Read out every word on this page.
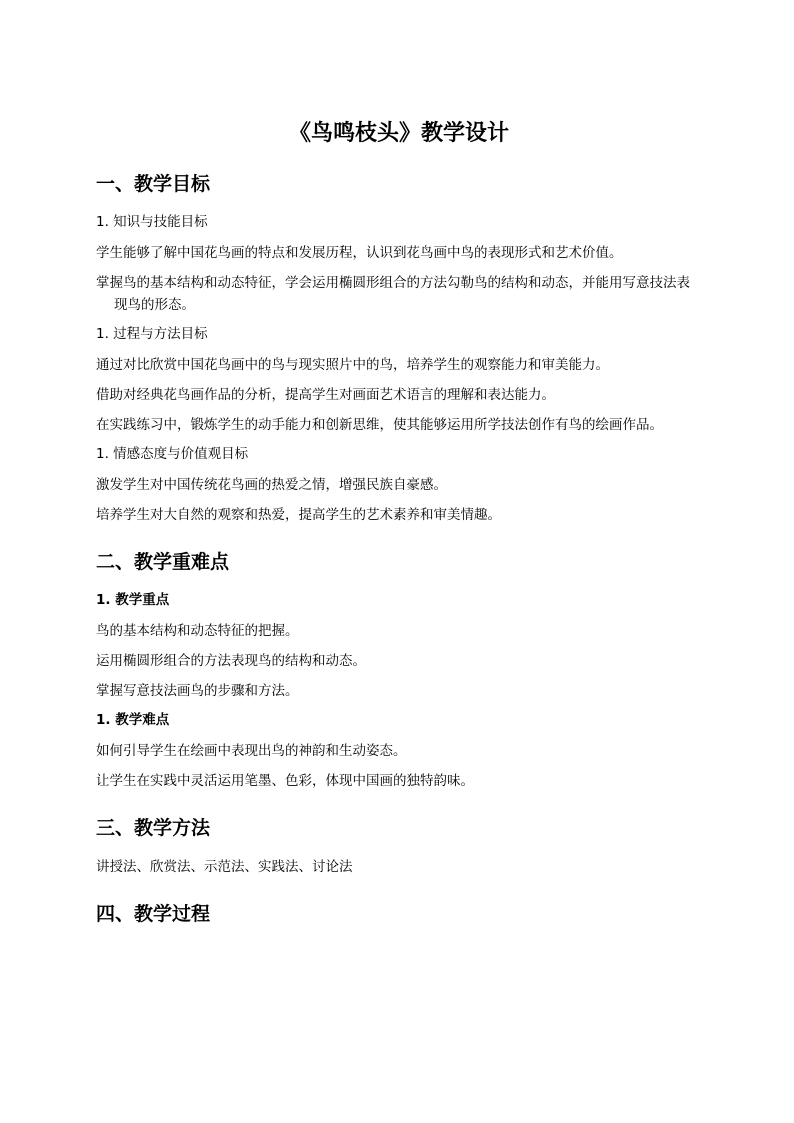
《鸟鸣枝头》教学设计
一、教学目标
1. 知识与技能目标
学生能够了解中国花鸟画的特点和发展历程，认识到花鸟画中鸟的表现形式和艺术价值。
掌握鸟的基本结构和动态特征，学会运用椭圆形组合的方法勾勒鸟的结构和动态，并能用写意技法表现鸟的形态。
1. 过程与方法目标
通过对比欣赏中国花鸟画中的鸟与现实照片中的鸟，培养学生的观察能力和审美能力。
借助对经典花鸟画作品的分析，提高学生对画面艺术语言的理解和表达能力。
在实践练习中，锻炼学生的动手能力和创新思维，使其能够运用所学技法创作有鸟的绘画作品。
1. 情感态度与价值观目标
激发学生对中国传统花鸟画的热爱之情，增强民族自豪感。
培养学生对大自然的观察和热爱，提高学生的艺术素养和审美情趣。
二、教学重难点
1. 教学重点
鸟的基本结构和动态特征的把握。
运用椭圆形组合的方法表现鸟的结构和动态。
掌握写意技法画鸟的步骤和方法。
1. 教学难点
如何引导学生在绘画中表现出鸟的神韵和生动姿态。
让学生在实践中灵活运用笔墨、色彩，体现中国画的独特韵味。
三、教学方法
讲授法、欣赏法、示范法、实践法、讨论法
四、教学过程
